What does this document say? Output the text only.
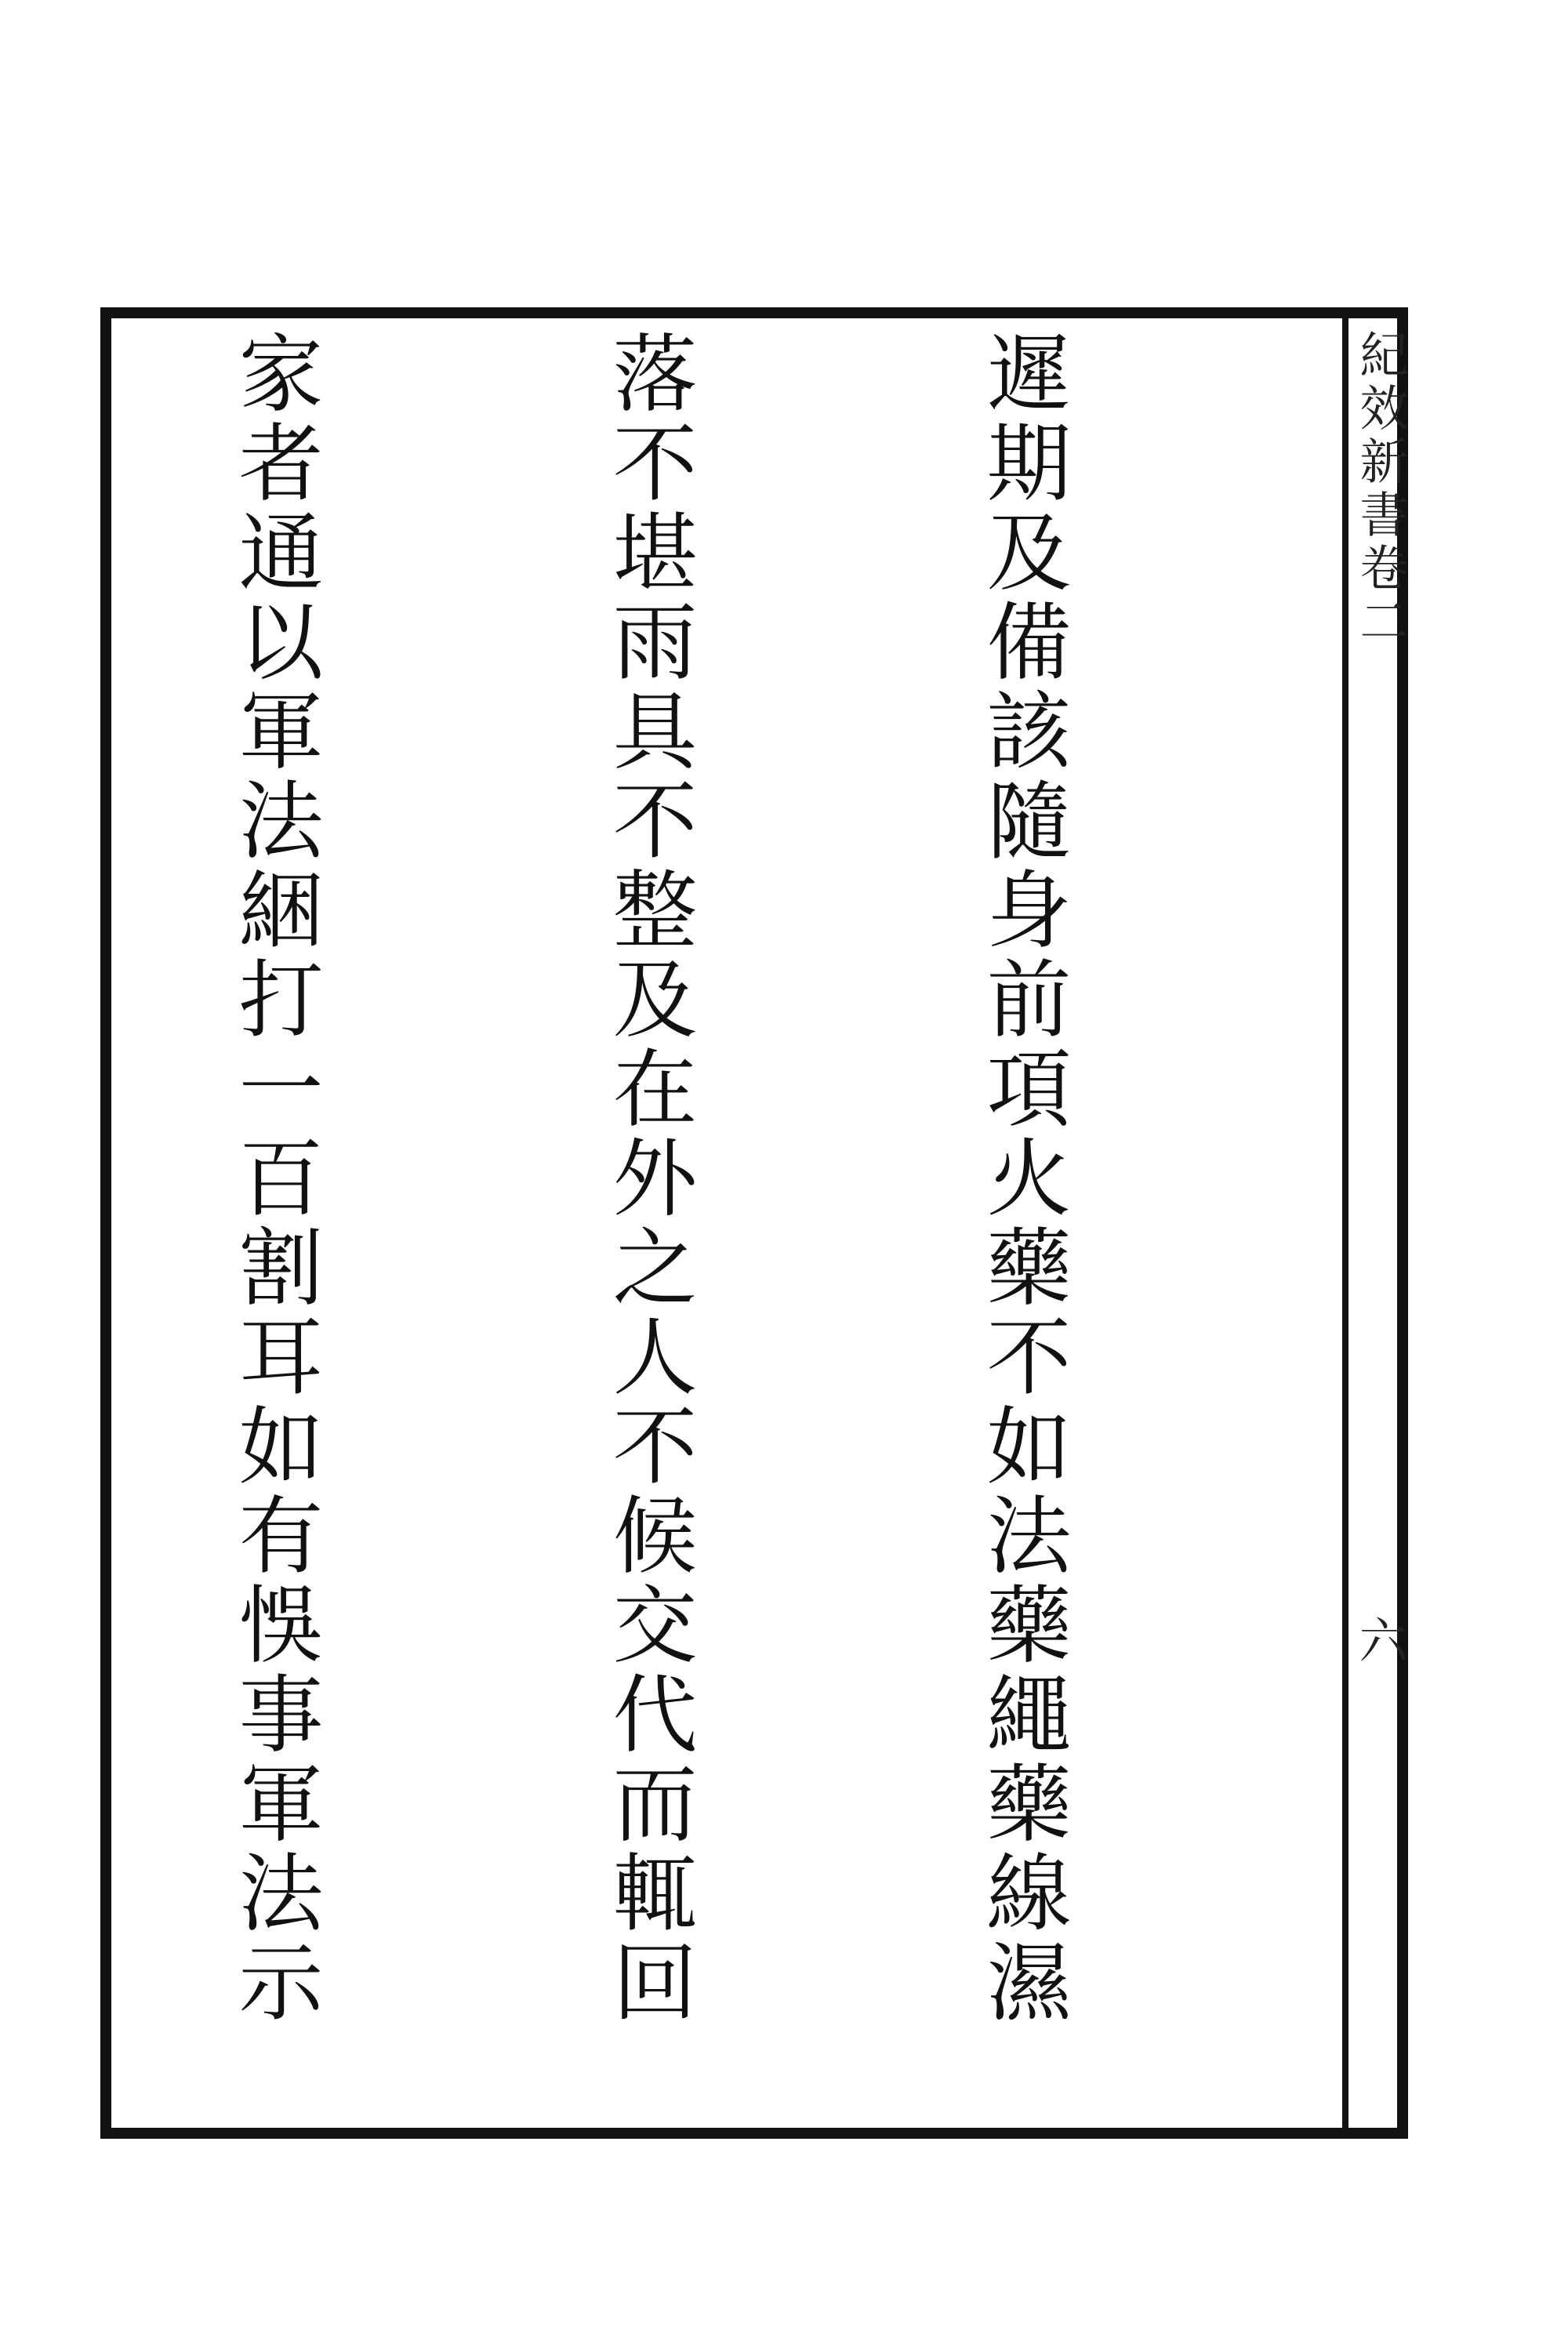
紀效新書卷二
六

遲期及備該隨身前項火藥不如法藥繩藥線濕

落不堪雨具不整及在外之人不候交代而輒回

家者通以軍法綑打一百割耳如有悞事軍法示
